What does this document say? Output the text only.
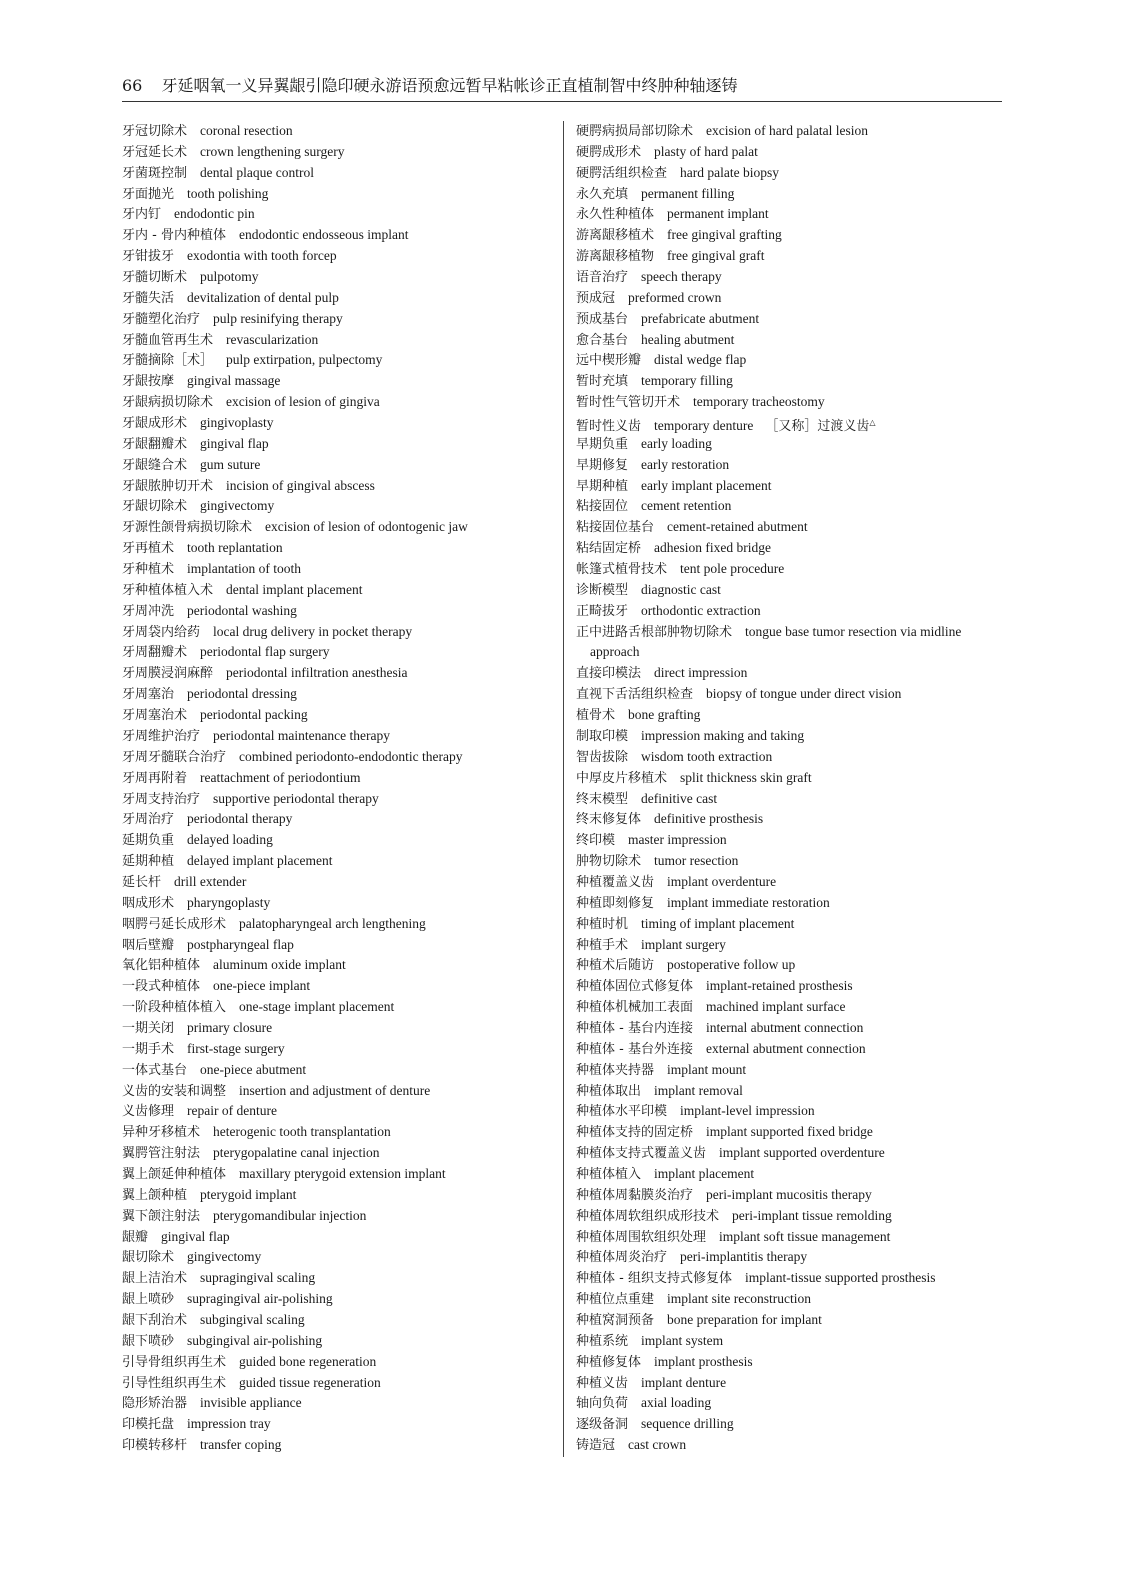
66 牙延咽氧一义异翼龈引隐印硬永游语预愈远暂早粘帐诊正直植制智中终肿种轴逐铸
牙冠切除术 coronal resection
牙冠延长术 crown lengthening surgery
牙菌斑控制 dental plaque control
牙面抛光 tooth polishing
牙内钉 endodontic pin
牙内 - 骨内种植体 endodontic endosseous implant
牙钳拔牙 exodontia with tooth forcep
牙髓切断术 pulpotomy
牙髓失活 devitalization of dental pulp
牙髓塑化治疗 pulp resinifying therapy
牙髓血管再生术 revascularization
牙髓摘除［术］ pulp extirpation, pulpectomy
牙龈按摩 gingival massage
牙龈病损切除术 excision of lesion of gingiva
牙龈成形术 gingivoplasty
牙龈翻瓣术 gingival flap
牙龈缝合术 gum suture
牙龈脓肿切开术 incision of gingival abscess
牙龈切除术 gingivectomy
牙源性颌骨病损切除术 excision of lesion of odontogenic jaw
牙再植术 tooth replantation
牙种植术 implantation of tooth
牙种植体植入术 dental implant placement
牙周冲洗 periodontal washing
牙周袋内给药 local drug delivery in pocket therapy
牙周翻瓣术 periodontal flap surgery
牙周膜浸润麻醉 periodontal infiltration anesthesia
牙周塞治 periodontal dressing
牙周塞治术 periodontal packing
牙周维护治疗 periodontal maintenance therapy
牙周牙髓联合治疗 combined periodonto-endodontic therapy
牙周再附着 reattachment of periodontium
牙周支持治疗 supportive periodontal therapy
牙周治疗 periodontal therapy
延期负重 delayed loading
延期种植 delayed implant placement
延长杆 drill extender
咽成形术 pharyngoplasty
咽腭弓延长成形术 palatopharyngeal arch lengthening
咽后壁瓣 postpharyngeal flap
氧化铝种植体 aluminum oxide implant
一段式种植体 one-piece implant
一阶段种植体植入 one-stage implant placement
一期关闭 primary closure
一期手术 first-stage surgery
一体式基台 one-piece abutment
义齿的安装和调整 insertion and adjustment of denture
义齿修理 repair of denture
异种牙移植术 heterogenic tooth transplantation
翼腭管注射法 pterygopalatine canal injection
翼上颌延伸种植体 maxillary pterygoid extension implant
翼上颌种植 pterygoid implant
翼下颌注射法 pterygomandibular injection
龈瓣 gingival flap
龈切除术 gingivectomy
龈上洁治术 supragingival scaling
龈上喷砂 supragingival air-polishing
龈下刮治术 subgingival scaling
龈下喷砂 subgingival air-polishing
引导骨组织再生术 guided bone regeneration
引导性组织再生术 guided tissue regeneration
隐形矫治器 invisible appliance
印模托盘 impression tray
印模转移杆 transfer coping
硬腭病损局部切除术 excision of hard palatal lesion
硬腭成形术 plasty of hard palat
硬腭活组织检查 hard palate biopsy
永久充填 permanent filling
永久性种植体 permanent implant
游离龈移植术 free gingival grafting
游离龈移植物 free gingival graft
语音治疗 speech therapy
预成冠 preformed crown
预成基台 prefabricate abutment
愈合基台 healing abutment
远中楔形瓣 distal wedge flap
暂时充填 temporary filling
暂时性气管切开术 temporary tracheostomy
暂时性义齿 temporary denture ［又称］过渡义齿△
早期负重 early loading
早期修复 early restoration
早期种植 early implant placement
粘接固位 cement retention
粘接固位基台 cement-retained abutment
粘结固定桥 adhesion fixed bridge
帐篷式植骨技术 tent pole procedure
诊断模型 diagnostic cast
正畸拔牙 orthodontic extraction
正中进路舌根部肿物切除术 tongue base tumor resection via midline
approach
直接印模法 direct impression
直视下舌活组织检查 biopsy of tongue under direct vision
植骨术 bone grafting
制取印模 impression making and taking
智齿拔除 wisdom tooth extraction
中厚皮片移植术 split thickness skin graft
终末模型 definitive cast
终末修复体 definitive prosthesis
终印模 master impression
肿物切除术 tumor resection
种植覆盖义齿 implant overdenture
种植即刻修复 implant immediate restoration
种植时机 timing of implant placement
种植手术 implant surgery
种植术后随访 postoperative follow up
种植体固位式修复体 implant-retained prosthesis
种植体机械加工表面 machined implant surface
种植体 - 基台内连接 internal abutment connection
种植体 - 基台外连接 external abutment connection
种植体夹持器 implant mount
种植体取出 implant removal
种植体水平印模 implant-level impression
种植体支持的固定桥 implant supported fixed bridge
种植体支持式覆盖义齿 implant supported overdenture
种植体植入 implant placement
种植体周黏膜炎治疗 peri-implant mucositis therapy
种植体周软组织成形技术 peri-implant tissue remolding
种植体周围软组织处理 implant soft tissue management
种植体周炎治疗 peri-implantitis therapy
种植体 - 组织支持式修复体 implant-tissue supported prosthesis
种植位点重建 implant site reconstruction
种植窝洞预备 bone preparation for implant
种植系统 implant system
种植修复体 implant prosthesis
种植义齿 implant denture
轴向负荷 axial loading
逐级备洞 sequence drilling
铸造冠 cast crown
